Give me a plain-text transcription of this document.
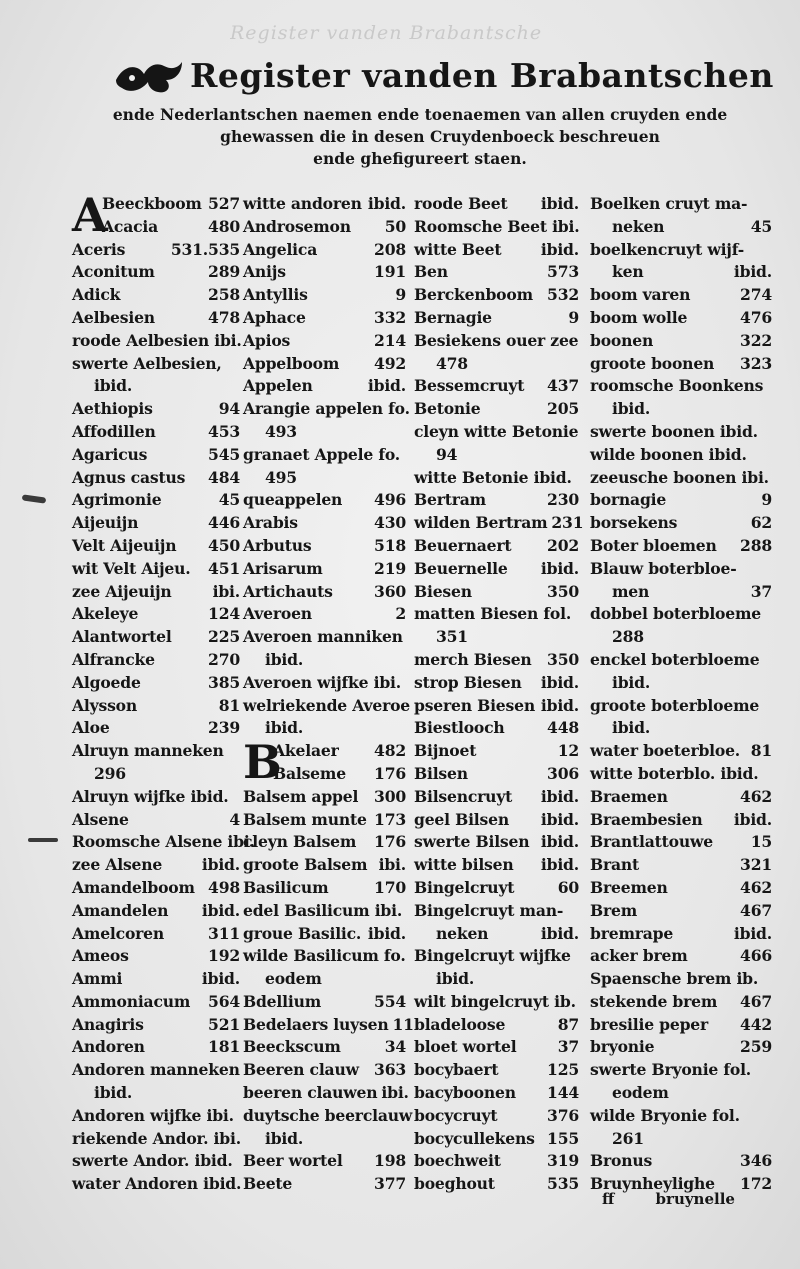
Register vanden Brabantsche
Register vanden Brabantschen
ende Nederlantschen naemen ende toenaemen van allen cruyden ende
ghewassen die in desen Cruydenboeck beschreuen
ende ghefigureert staen.
A
Beeckboom 527
Acacia	480
Aceris	531.535
Aconitum	289
Adick	258
Aelbesien	478
roode Aelbesien ibi.
swerte Aelbesien,
ibid.
Aethiopis	94
Affodillen	453
Agaricus	545
Agnus castus 484
Agrimonie	45
Aijeuijn	446
Velt Aijeuijn 450
wit Velt Aijeu. 451
zee Aijeuijn	ibi.
Akeleye	124
Alantwortel 225
Alfrancke	270
Algoede	385
Alysson	81
Aloe	239
Alruyn manneken
296
Alruyn wijfke ibid.
Alsene	4
Roomsche Alsene ibi.
zee Alsene	ibid.
Amandelboom 498
Amandelen ibid.
Amelcoren	311
Ameos	192
Ammi	ibid.
Ammoniacum 564
Anagiris	521
Andoren	181
Andoren manneken
ibid.
Andoren wijfke ibi.
riekende Andor. ibi.
swerte Andor. ibid.
water Andoren ibid.
witte andoren ibid.
Androsemon 50
Angelica	208
Anijs	191
Antyllis	9
Aphace	332
Apios	214
Appelboom 492
Appelen	ibid.
Arangie appelen fo.
493
granaet Appele fo.
495
queappelen 496
Arabis	430
Arbutus	518
Arisarum	219
Artichauts	360
Averoen	2
Averoen manniken
ibid.
Averoen wijfke ibi.
welriekende Averoe
ibid.
B
Akelaer 482
Balseme 176
Balsem appel 300
Balsem munte 173
cleyn Balsem 176
groote Balsem ibi.
Basilicum	170
edel Basilicum ibi.
groue Basilic. ibid.
wilde Basilicum fo.
eodem
Bdellium	554
Bedelaers luysen 11
Beeckscum	34
Beeren clauw 363
beeren clauwen ibi.
duytsche beerclauw
ibid.
Beer wortel 198
Beete	377
roode Beet ibid.
Roomsche Beet ibi.
witte Beet	ibid.
Ben	573
Berckenboom 532
Bernagie	9
Besiekens ouer zee
478
Bessemcruyt 437
Betonie	205
cleyn witte Betonie
94
witte Betonie ibid.
Bertram	230
wilden Bertram 231
Beuernaert 202
Beuernelle ibid.
Biesen	350
matten Biesen fol.
351
merch Biesen 350
strop Biesen ibid.
pseren Biesen ibid.
Biestlooch	448
Bijnoet	12
Bilsen	306
Bilsencruyt ibid.
geel Bilsen ibid.
swerte Bilsen ibid.
witte bilsen ibid.
Bingelcruyt	60
Bingelcruyt man-
neken	ibid.
Bingelcruyt wijfke
ibid.
wilt bingelcruyt ib.
bladeloose	87
bloet wortel	37
bocybaert	125
bacyboonen 144
bocycruyt	376
bocycullekens 155
boechweit	319
boeghout	535
Boelken cruyt ma-
neken	45
boelkencruyt wijf-
ken	ibid.
boom varen	274
boom wolle	476
boonen	322
groote boonen 323
roomsche Boonkens
ibid.
swerte boonen ibid.
wilde boonen ibid.
zeeusche boonen ibi.
bornagie	9
borsekens	62
Boter bloemen 288
Blauw boterbloe-
men	37
dobbel boterbloeme
288
enckel boterbloeme
ibid.
groote boterbloeme
ibid.
water boeterbloe. 81
witte boterblo. ibid.
Braemen	462
Braembesien ibid.
Brantlattouwe 15
Brant	321
Breemen	462
Brem	467
bremrape	ibid.
acker brem	466
Spaensche brem ib.
stekende brem 467
bresilie peper 442
bryonie	259
swerte Bryonie fol.
eodem
wilde Bryonie fol.
261
Bronus	346
Bruynheylighe 172
ff	bruynelle
